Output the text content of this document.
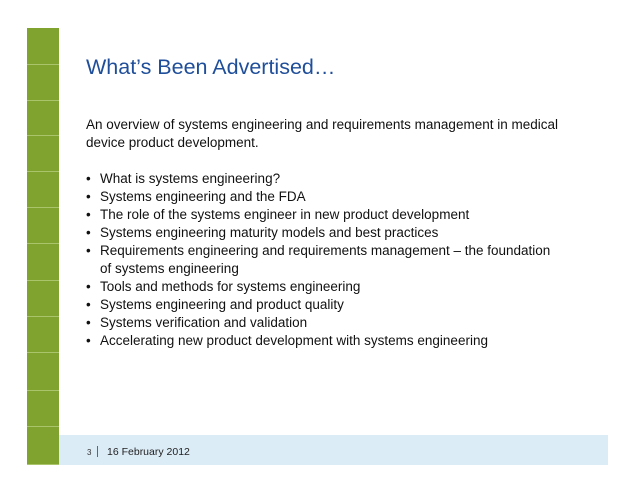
What’s Been Advertised…
An overview of systems engineering and requirements management in medical device product development.
• What is systems engineering?
• Systems engineering and the FDA
• The role of the systems engineer in new product development
• Systems engineering maturity models and best practices
• Requirements engineering and requirements management – the foundation of systems engineering
• Tools and methods for systems engineering
• Systems engineering and product quality
• Systems verification and validation
• Accelerating new product development with systems engineering
3 16 February 2012
